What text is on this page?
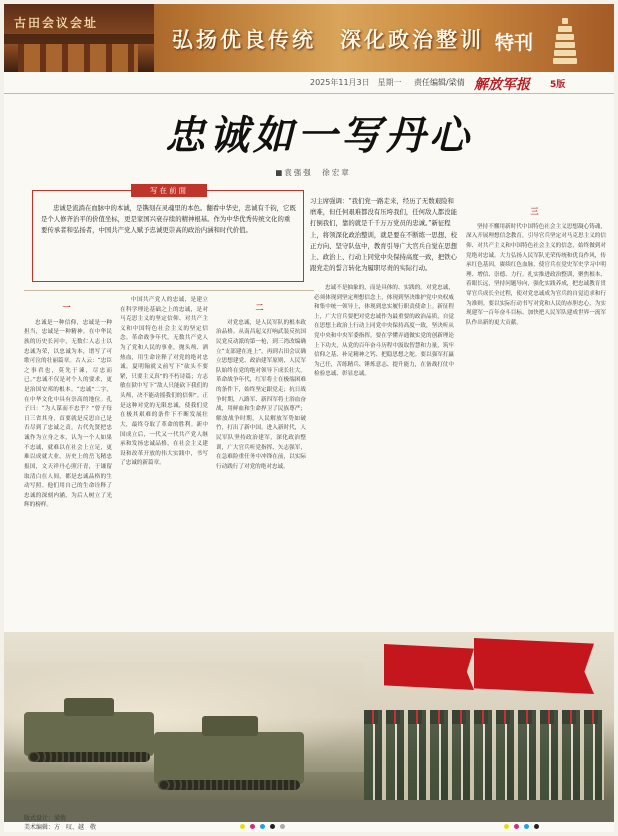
古田会议会址
弘扬优良传统　深化政治整训 特刊
2025年11月3日　星期一 责任编辑/梁倩 解放军报 5版
忠诚如一写丹心
■袁强强　徐宏章
写在前面
忠诚是流淌在血脉中的本诚，是镌刻在灵魂里的本色。翻看中华史，忠诚有千钧，它既是个人修齐治平的价值坐标，更是家国兴衰存续的精神根基。作为中华优秀传统文化的重要传承者和弘扬者，中国共产党人赋予忠诚更崇高的政治内涵和时代价值。
习主席强调：“我们党一路走来，经历了无数艰险和磨难，但任何艰难都没有压垮我们，任何敌人都没能打倒我们，靠的就是千千万万党员的忠诚。”新征程上，将领深化政治整训，就是要在不断练一思想、校正方向、坚守队伍中，教育引导广大官兵自觉在思想上、政治上、行动上同党中央保持高度一致，把铁心跟党走的誓言转化为履职尽责的实际行动。

一

忠诚是一种信仰，忠诚是一种担当，忠诚是一种精神。在中华民族的历史长河中，无数仁人志士以忠诚为荣，以忠诚为本，谱写了可歌可泣的壮丽篇章。古人云：“忠臣之事君也，莫先于谏，尽忠而已。”忠诚不仅是对个人的要求，更是治国安邦的根本。“忠诚”二字，在中华文化中具有崇高的地位。孔子曰：“为人谋而不忠乎？”曾子每日三省其身，首要就是反思自己是否尽到了忠诚之责。古代先贤把忠诚作为立身之本，认为一个人如果不忠诚，就难以在社会上立足，更难以成就大业。历史上的岳飞精忠报国，文天祥丹心照汗青，于谦留取清白在人间，都是忠诚品格的生动写照。他们用自己的生命诠释了忠诚的深刻内涵，为后人树立了光辉的榜样。

中国共产党人的忠诚，是建立在科学理论基础之上的忠诚，是对马克思主义的坚定信仰、对共产主义和中国特色社会主义的坚定信念。革命战争年代，无数共产党人为了党和人民的事业，抛头颅、洒热血，用生命诠释了对党的绝对忠诚。夏明翰就义前写下“砍头不要紧，只要主义真”的不朽诗篇；方志敏在狱中写下“敌人只能砍下我们的头颅，决不能动摇我们的信仰”。正是这种对党的无限忠诚，使我们党在极其艰难的条件下不断发展壮大，最终夺取了革命的胜利。新中国成立后，一代又一代共产党人继承和发扬忠诚品格，在社会主义建设和改革开放的伟大实践中，书写了忠诚的新篇章。

二

对党忠诚，是人民军队的根本政治品格。从南昌起义打响武装反抗国民党反动派的第一枪，到三湾改编确立“支部建在连上”，再到古田会议确立思想建党、政治建军原则，人民军队始终在党的绝对领导下成长壮大。革命战争年代，红军将士在极端困难的条件下，始终坚定跟党走；抗日战争时期，八路军、新四军将士浴血奋战，用鲜血和生命捍卫了民族尊严；解放战争时期，人民解放军势如破竹，打出了新中国。进入新时代，人民军队坚持政治建军，深化政治整训，广大官兵听党指挥、矢志强军，在急难险重任务中冲锋在前，以实际行动践行了对党的绝对忠诚。

忠诚不是抽象的，而是具体的、实践的。对党忠诚，必须体现到坚定理想信念上，体现到坚决维护党中央权威和集中统一领导上，体现到忠实履行职责使命上。新征程上，广大官兵要把对党忠诚作为最重要的政治品质，自觉在思想上政治上行动上同党中央保持高度一致，坚决听从党中央和中央军委指挥。要在学懂弄通做实党的创新理论上下功夫，从党的百年奋斗历程中汲取智慧和力量，筑牢信仰之基、补足精神之钙、把稳思想之舵。要以强军打赢为己任，苦练精兵、锤炼意志、提升能力，在备战打仗中检验忠诚、彰显忠诚。

三

坚持不懈用新时代中国特色社会主义思想凝心铸魂，深入开展理想信念教育，引导官兵坚定对马克思主义的信仰、对共产主义和中国特色社会主义的信念，始终做到对党绝对忠诚。大力弘扬人民军队光荣传统和优良作风，传承红色基因，赓续红色血脉，使官兵在党史军史学习中明理、增信、崇德、力行。扎实推进政治整训，聚焦根本、着眼长远，坚持问题导向，强化实践养成，把忠诚教育贯穿官兵成长全过程，使对党忠诚成为官兵的自觉追求和行为准则。要以实际行动书写对党和人民的赤胆忠心，为实现建军一百年奋斗目标、加快把人民军队建成世界一流军队作出新的更大贡献。

版式设计：梁倩
美术编辑：方　叹、越　敬
